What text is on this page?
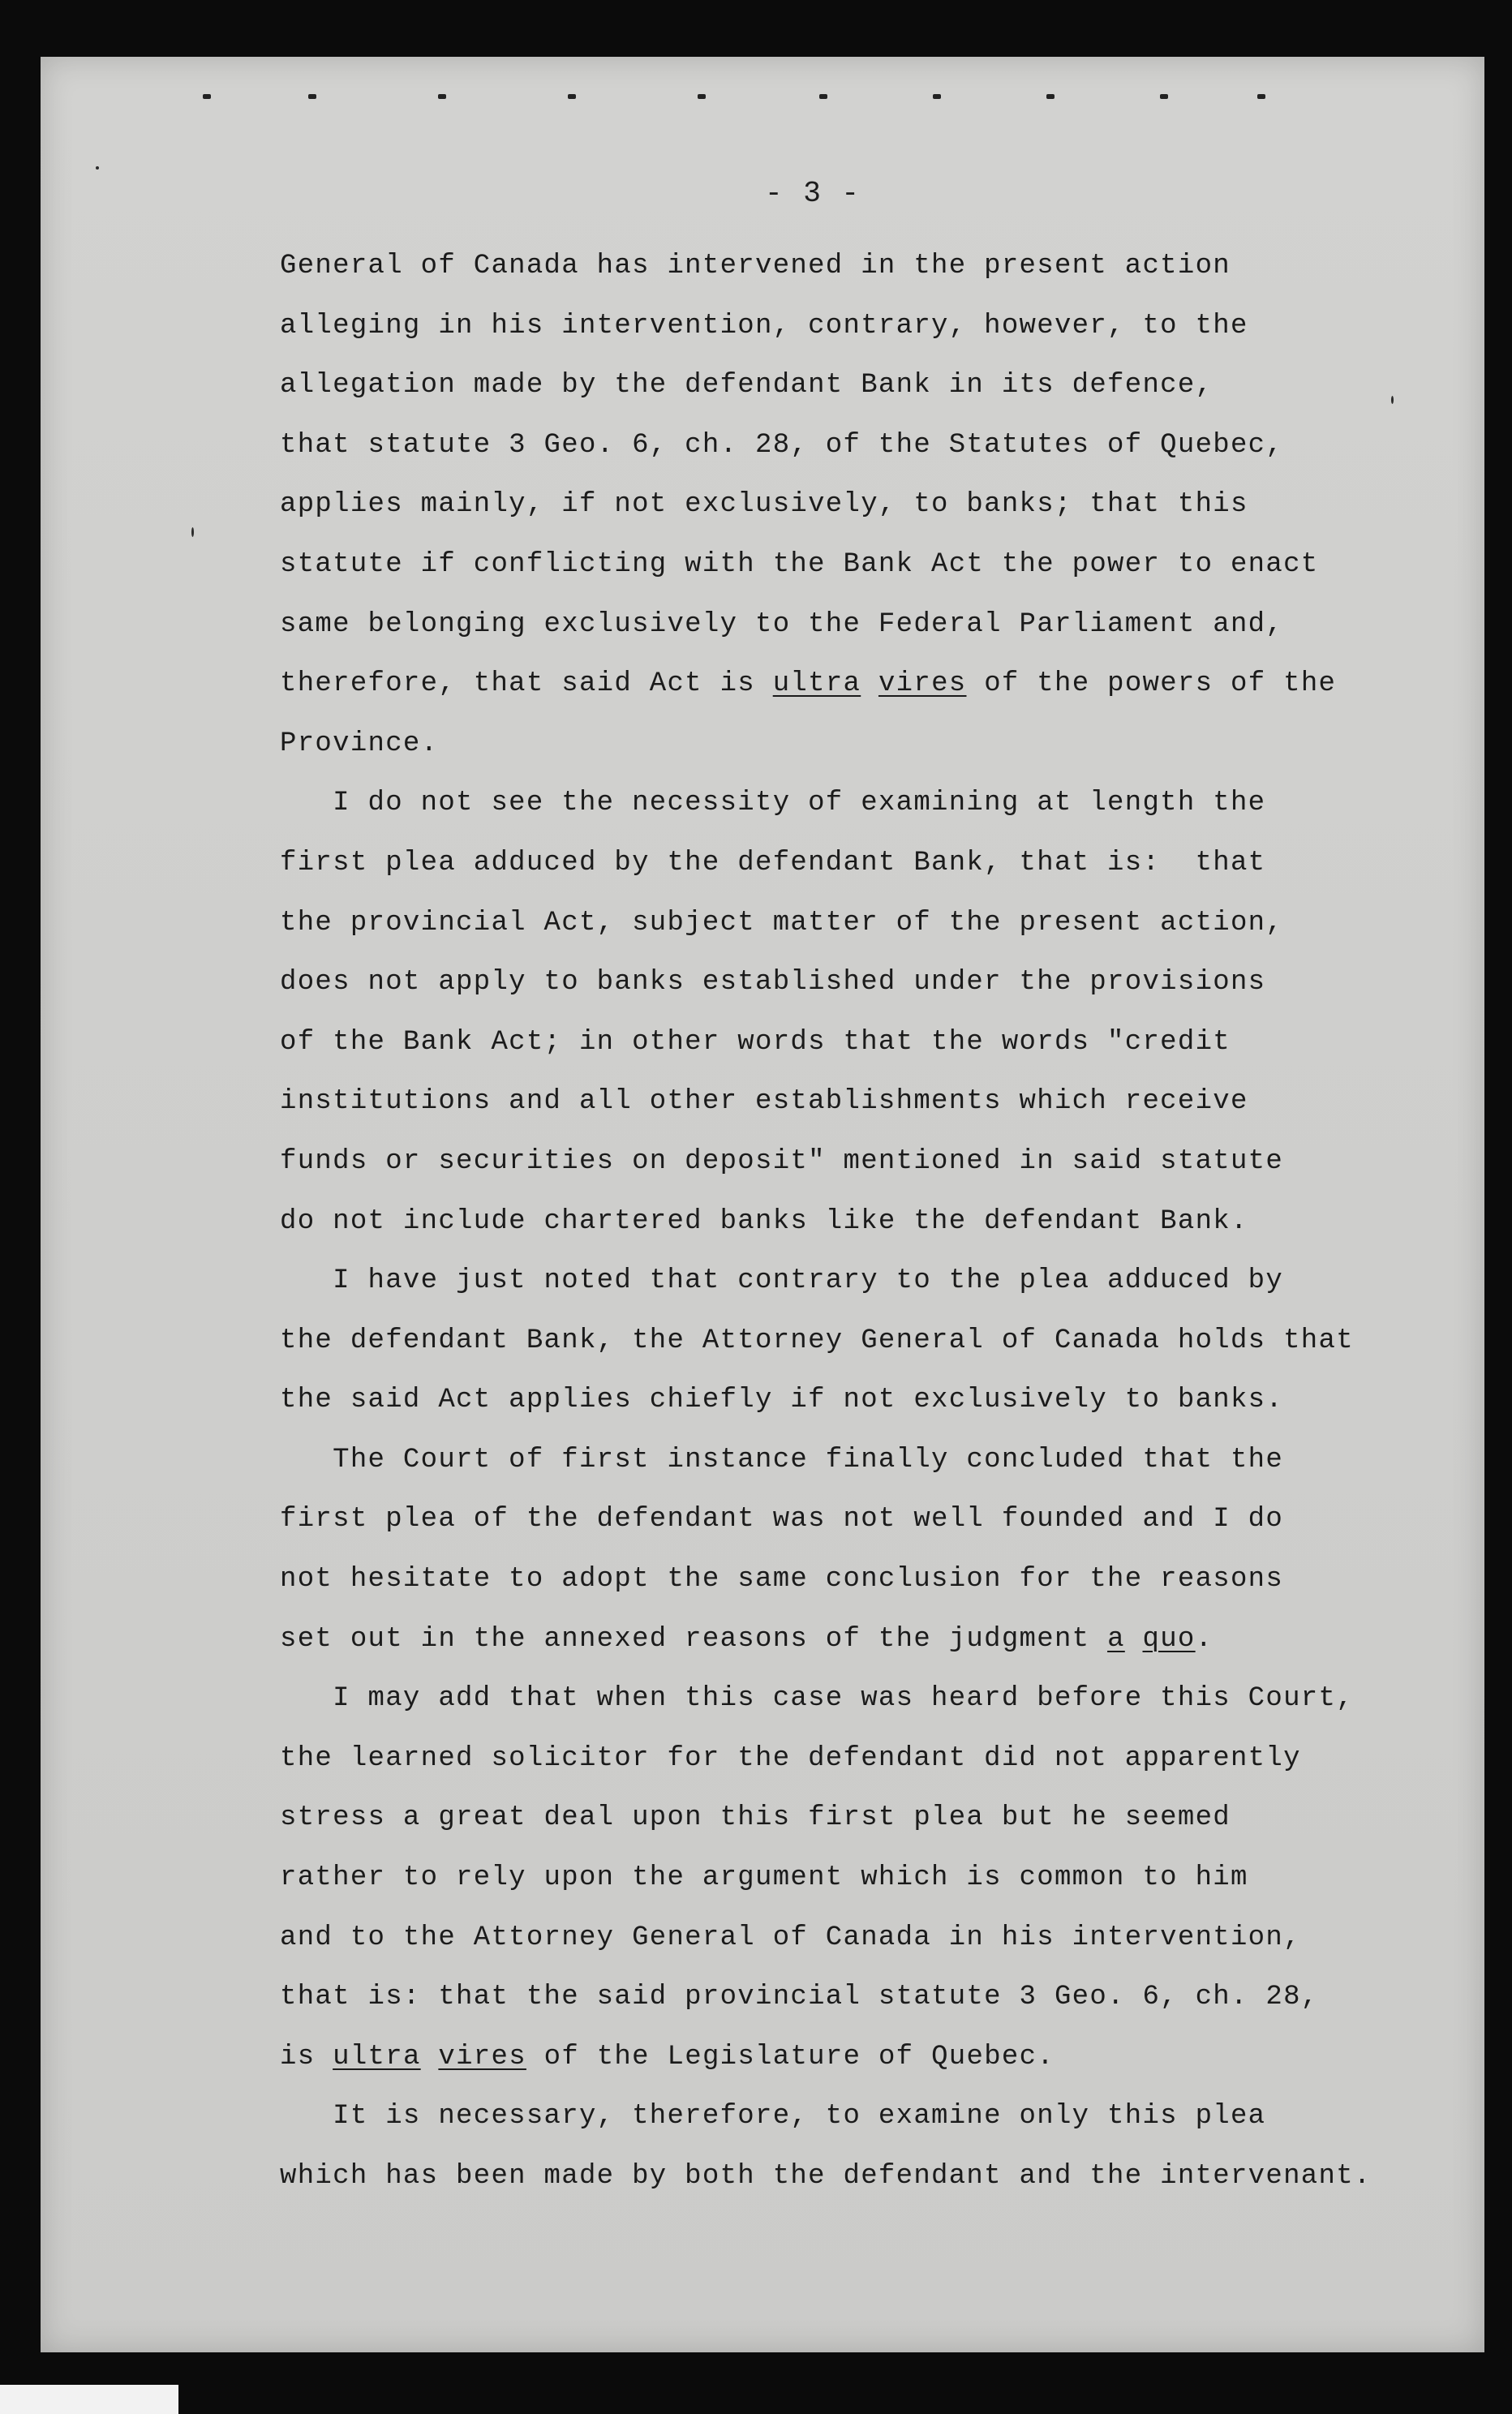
- 3 -
General of Canada has intervened in the present action
alleging in his intervention, contrary, however, to the
allegation made by the defendant Bank in its defence,
that statute 3 Geo. 6, ch. 28, of the Statutes of Quebec,
applies mainly, if not exclusively, to banks; that this
statute if conflicting with the Bank Act the power to enact
same belonging exclusively to the Federal Parliament and,
therefore, that said Act is ultra vires of the powers of the
Province.
I do not see the necessity of examining at length the
first plea adduced by the defendant Bank, that is:  that
the provincial Act, subject matter of the present action,
does not apply to banks established under the provisions
of the Bank Act; in other words that the words "credit
institutions and all other establishments which receive
funds or securities on deposit" mentioned in said statute
do not include chartered banks like the defendant Bank.
I have just noted that contrary to the plea adduced by
the defendant Bank, the Attorney General of Canada holds that
the said Act applies chiefly if not exclusively to banks.
The Court of first instance finally concluded that the
first plea of the defendant was not well founded and I do
not hesitate to adopt the same conclusion for the reasons
set out in the annexed reasons of the judgment a quo.
I may add that when this case was heard before this Court,
the learned solicitor for the defendant did not apparently
stress a great deal upon this first plea but he seemed
rather to rely upon the argument which is common to him
and to the Attorney General of Canada in his intervention,
that is: that the said provincial statute 3 Geo. 6, ch. 28,
is ultra vires of the Legislature of Quebec.
It is necessary, therefore, to examine only this plea
which has been made by both the defendant and the intervenant.
